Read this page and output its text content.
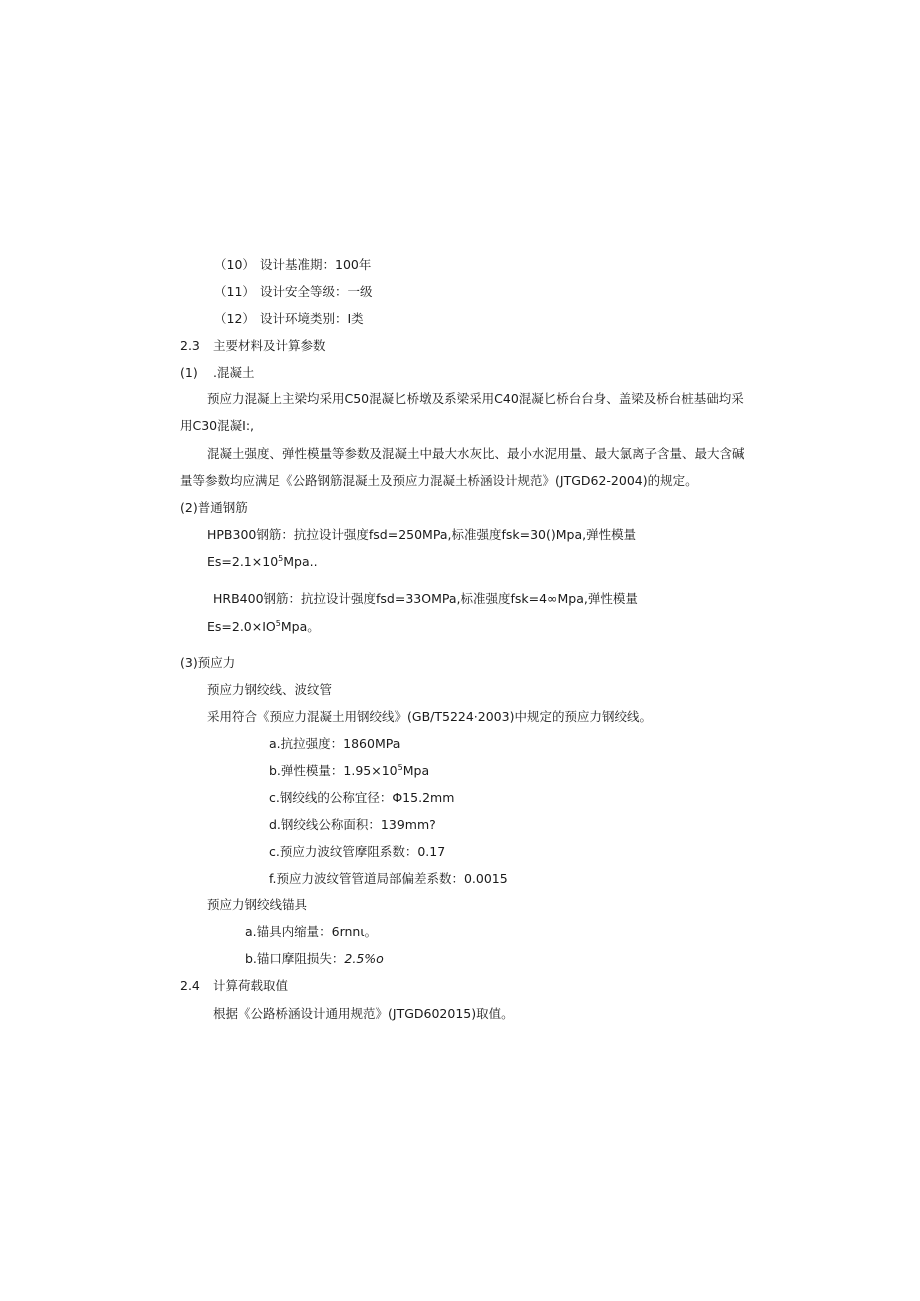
（10） 设计基准期：100年
（11） 设计安全等级：一级
（12） 设计环境类别：I类
2.3 主要材料及计算参数
(1) .混凝土
预应力混凝上主梁均采用C50混凝匕桥墩及系梁采用C40混凝匕桥台台身、盖梁及桥台桩基础均采
用C30混凝I:,
混凝土强度、弹性模量等参数及混凝土中最大水灰比、最小水泥用量、最大氯离子含量、最大含碱
量等参数均应满足《公路钢筋混凝土及预应力混凝土桥涵设计规范》(JTGD62-2004)的规定。
(2)普通钢筋
HPB300钢筋：抗拉设计强度fsd=250MPa,标准强度fsk=30()Mpa,弹性模量
$Es=2.1\times 10^5Mpa$..
HRB400钢筋：抗拉设计强度fsd=33OMPa,标准强度fsk=4∞Mpa,弹性模量
$Es=2.0\times IO^5Mpa$。
(3)预应力
预应力钢绞线、波纹管
采用符合《预应力混凝土用钢绞线》(GB/T5224·2003)中规定的预应力钢绞线。
a.抗拉强度：1860MPa
b.弹性模量：$1.95\times 10^5Mpa$
c.钢绞线的公称宜径：Φ15.2mm
d.钢绞线公称面积：139mm?
c.预应力波纹管摩阻系数：0.17
f.预应力波纹管管道局部偏差系数：0.0015
预应力钢绞线锚具
a.锚具内缩量：6rnnι。
b.锚口摩阻损失：2.5%o
2.4 计算荷载取值
根据《公路桥涵设计通用规范》(JTGD602015)取值。
